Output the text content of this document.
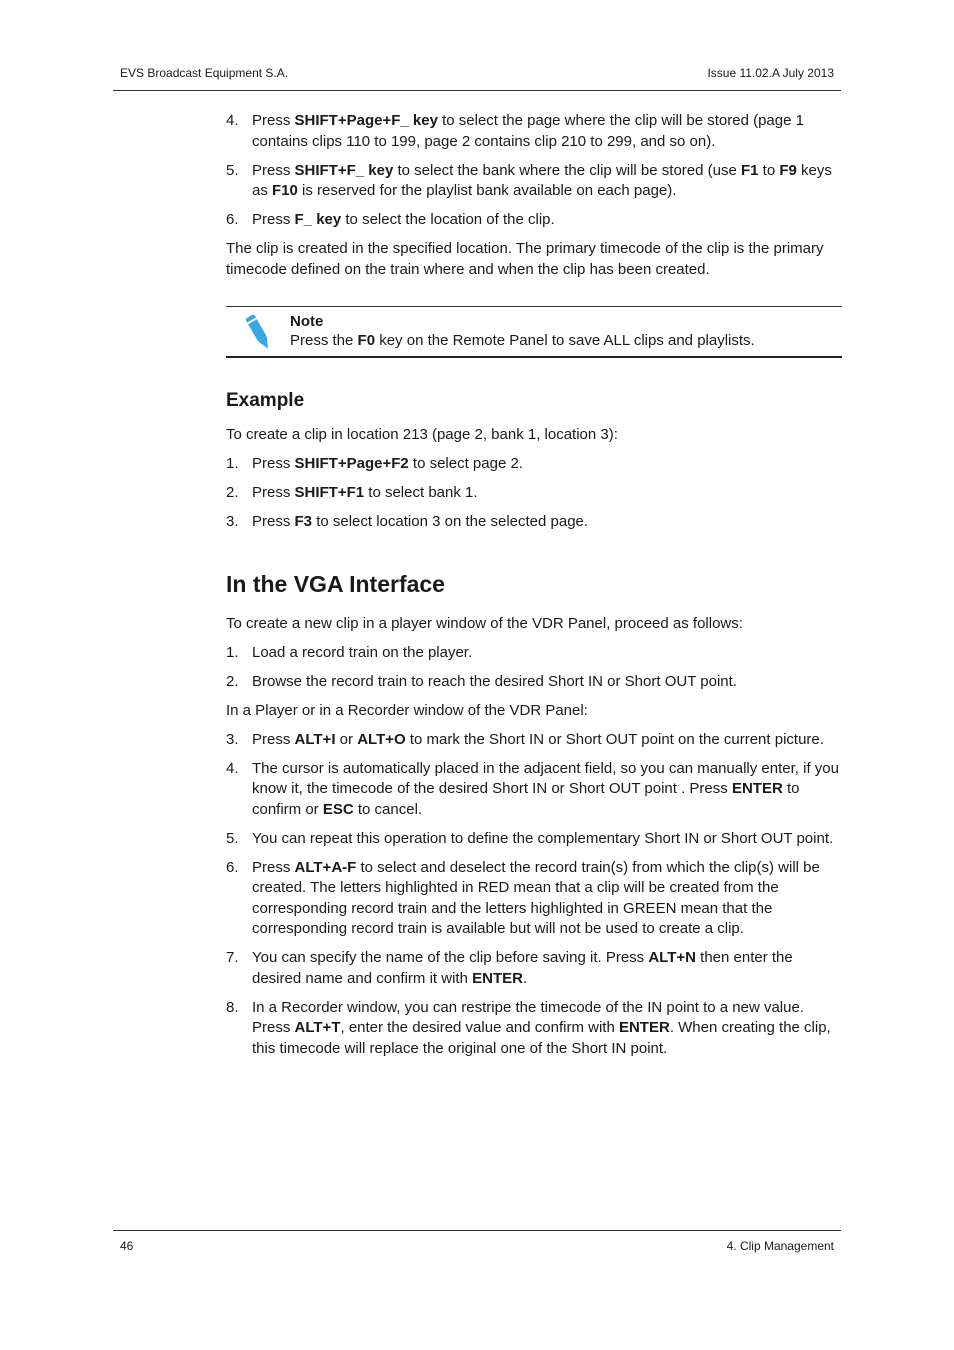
EVS Broadcast Equipment S.A.	Issue 11.02.A July 2013
4. Press SHIFT+Page+F_ key to select the page where the clip will be stored (page 1 contains clips 110 to 199, page 2 contains clip 210 to 299, and so on).
5. Press SHIFT+F_ key to select the bank where the clip will be stored (use F1 to F9 keys as F10 is reserved for the playlist bank available on each page).
6. Press F_ key to select the location of the clip.
The clip is created in the specified location. The primary timecode of the clip is the primary timecode defined on the train where and when the clip has been created.
Note
Press the F0 key on the Remote Panel to save ALL clips and playlists.
Example
To create a clip in location 213 (page 2, bank 1, location 3):
1. Press SHIFT+Page+F2 to select page 2.
2. Press SHIFT+F1 to select bank 1.
3. Press F3 to select location 3 on the selected page.
In the VGA Interface
To create a new clip in a player window of the VDR Panel, proceed as follows:
1. Load a record train on the player.
2. Browse the record train to reach the desired Short IN or Short OUT point.
In a Player or in a Recorder window of the VDR Panel:
3. Press ALT+I or ALT+O to mark the Short IN or Short OUT point on the current picture.
4. The cursor is automatically placed in the adjacent field, so you can manually enter, if you know it, the timecode of the desired Short IN or Short OUT point . Press ENTER to confirm or ESC to cancel.
5. You can repeat this operation to define the complementary Short IN or Short OUT point.
6. Press ALT+A-F to select and deselect the record train(s) from which the clip(s) will be created. The letters highlighted in RED mean that a clip will be created from the corresponding record train and the letters highlighted in GREEN mean that the corresponding record train is available but will not be used to create a clip.
7. You can specify the name of the clip before saving it. Press ALT+N then enter the desired name and confirm it with ENTER.
8. In a Recorder window, you can restripe the timecode of the IN point to a new value. Press ALT+T, enter the desired value and confirm with ENTER. When creating the clip, this timecode will replace the original one of the Short IN point.
46	4. Clip Management
